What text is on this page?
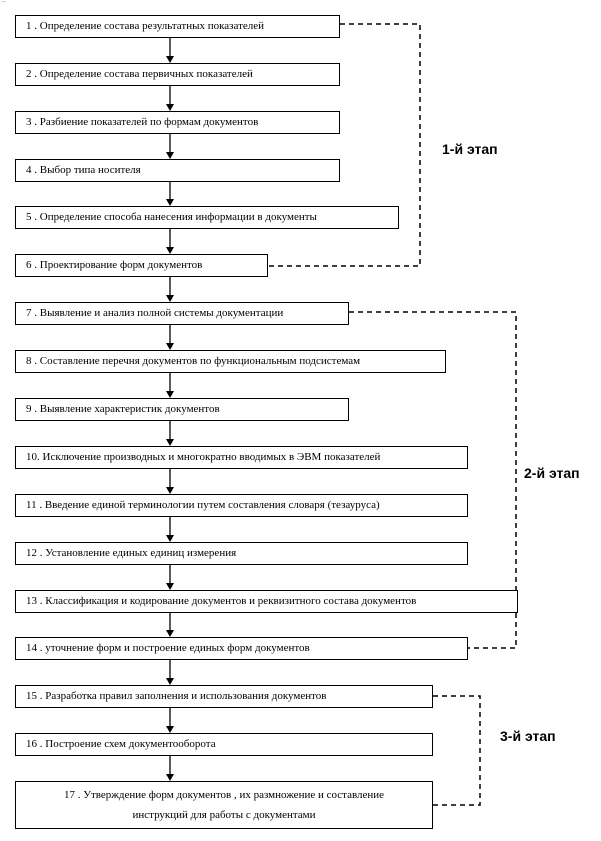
—
1 . Определение состава результатных показателей
2 . Определение состава первичных показателей
3 . Разбиение показателей по формам документов
4 . Выбор типа носителя
5 . Определение способа нанесения информации в документы
6 . Проектирование форм документов
7 . Выявление и анализ полной системы документации
8 . Составление перечня документов по функциональным подсистемам
9 . Выявление характеристик документов
10. Исключение производных и многократно вводимых в ЭВМ показателей
11 . Введение единой терминологии путем составления словаря (тезауруса)
12 . Установление единых единиц измерения
13 . Классификация и кодирование документов и реквизитного состава документов
14 . уточнение форм и построение единых форм документов
15 . Разработка правил заполнения и использования документов
16 . Построение схем документооборота
17 . Утверждение форм документов , их размножение и составление
инструкций для работы с документами
1-й этап
2-й этап
3-й этап
